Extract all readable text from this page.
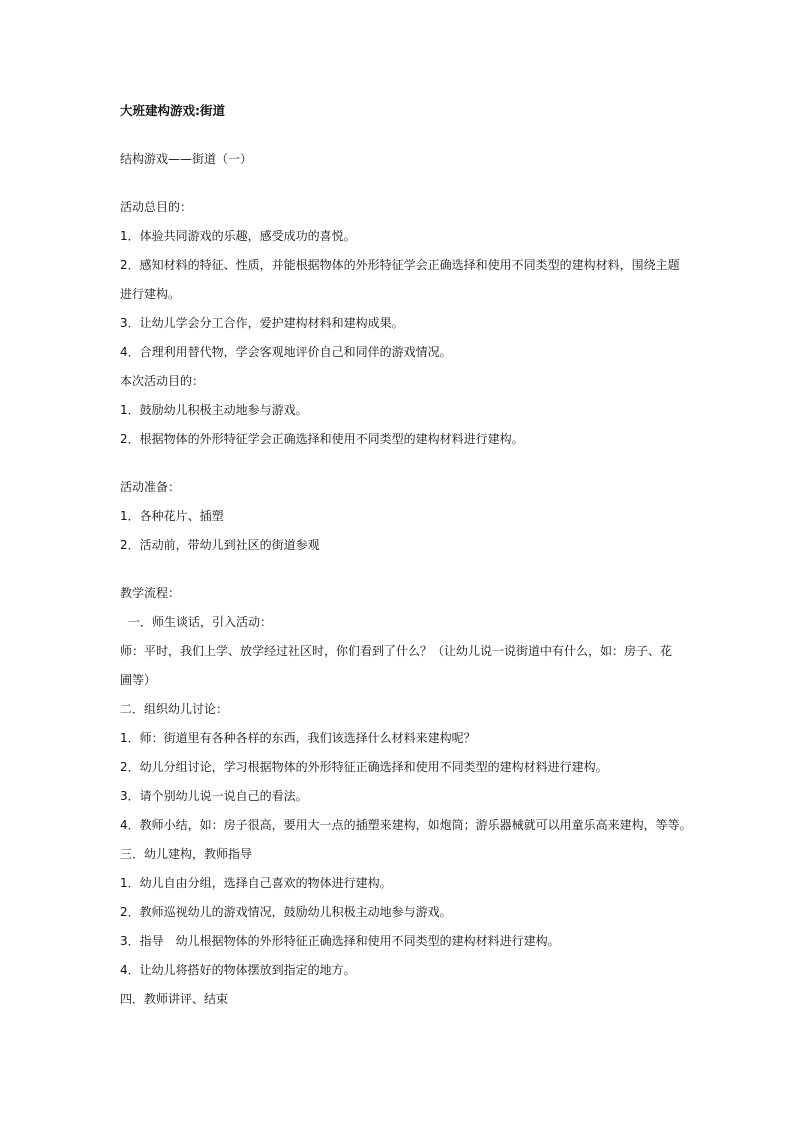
大班建构游戏:街道
结构游戏——街道（一）
活动总目的：
1．体验共同游戏的乐趣，感受成功的喜悦。
2．感知材料的特征、性质，并能根据物体的外形特征学会正确选择和使用不同类型的建构材料，围绕主题
进行建构。
3．让幼儿学会分工合作，爱护建构材料和建构成果。
4．合理利用替代物，学会客观地评价自己和同伴的游戏情况。
本次活动目的：
1．鼓励幼儿积极主动地参与游戏。
2．根据物体的外形特征学会正确选择和使用不同类型的建构材料进行建构。
活动准备：
1．各种花片、插塑
2．活动前，带幼儿到社区的街道参观
教学流程：
一．师生谈话，引入活动：
师：平时，我们上学、放学经过社区时，你们看到了什么？（让幼儿说一说街道中有什么，如：房子、花
圃等）
二．组织幼儿讨论：
1．师：街道里有各种各样的东西，我们该选择什么材料来建构呢？
2．幼儿分组讨论，学习根据物体的外形特征正确选择和使用不同类型的建构材料进行建构。
3．请个别幼儿说一说自己的看法。
4．教师小结，如：房子很高，要用大一点的插塑来建构，如炮筒；游乐器械就可以用童乐高来建构，等等。
三．幼儿建构，教师指导
1．幼儿自由分组，选择自己喜欢的物体进行建构。
2．教师巡视幼儿的游戏情况，鼓励幼儿积极主动地参与游戏。
3．指导　幼儿根据物体的外形特征正确选择和使用不同类型的建构材料进行建构。
4．让幼儿将搭好的物体摆放到指定的地方。
四．教师讲评、结束
